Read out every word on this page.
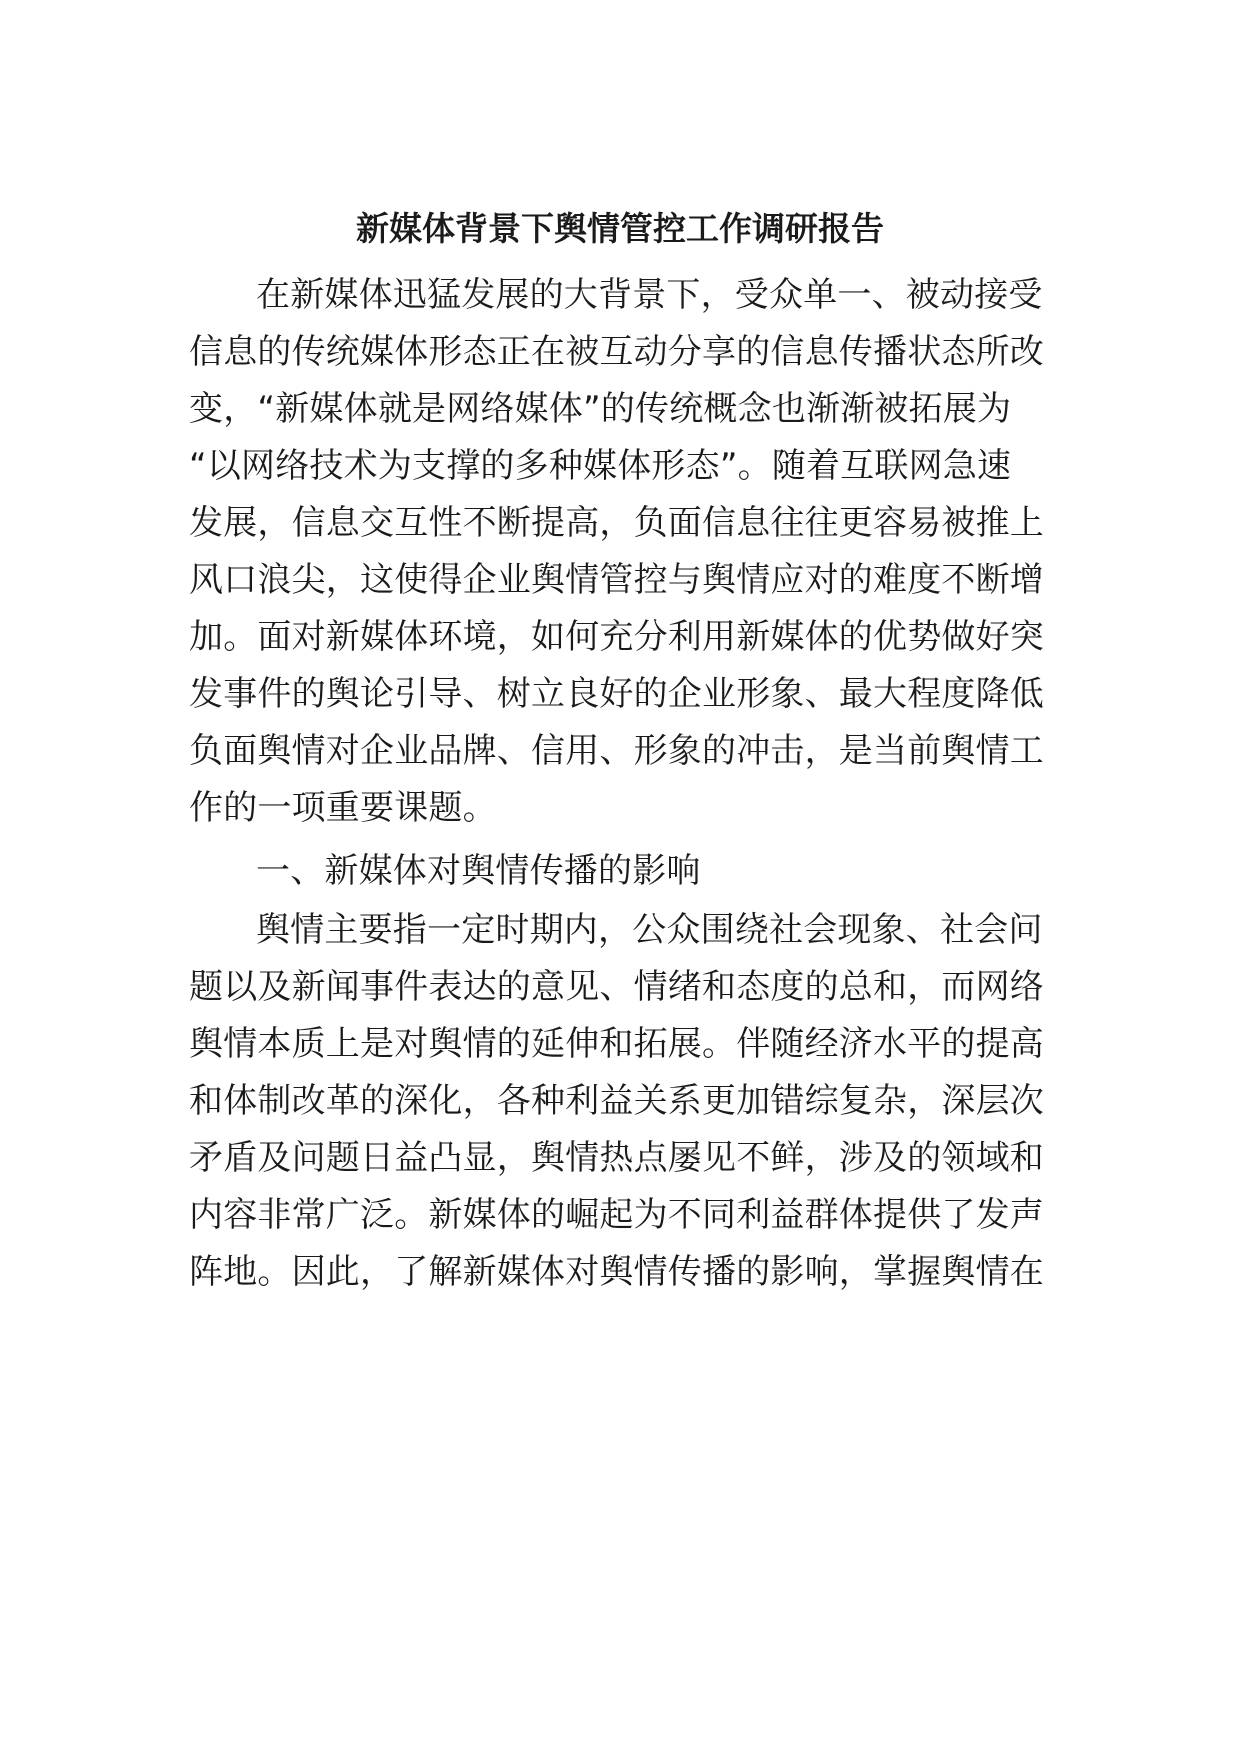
新媒体背景下舆情管控工作调研报告
在新媒体迅猛发展的大背景下，受众单一、被动接受
信息的传统媒体形态正在被互动分享的信息传播状态所改
变，“新媒体就是网络媒体”的传统概念也渐渐被拓展为
“以网络技术为支撑的多种媒体形态”。随着互联网急速
发展，信息交互性不断提高，负面信息往往更容易被推上
风口浪尖，这使得企业舆情管控与舆情应对的难度不断增
加。面对新媒体环境，如何充分利用新媒体的优势做好突
发事件的舆论引导、树立良好的企业形象、最大程度降低
负面舆情对企业品牌、信用、形象的冲击，是当前舆情工
作的一项重要课题。
一、新媒体对舆情传播的影响
舆情主要指一定时期内，公众围绕社会现象、社会问
题以及新闻事件表达的意见、情绪和态度的总和，而网络
舆情本质上是对舆情的延伸和拓展。伴随经济水平的提高
和体制改革的深化，各种利益关系更加错综复杂，深层次
矛盾及问题日益凸显，舆情热点屡见不鲜，涉及的领域和
内容非常广泛。新媒体的崛起为不同利益群体提供了发声
阵地。因此，了解新媒体对舆情传播的影响，掌握舆情在
